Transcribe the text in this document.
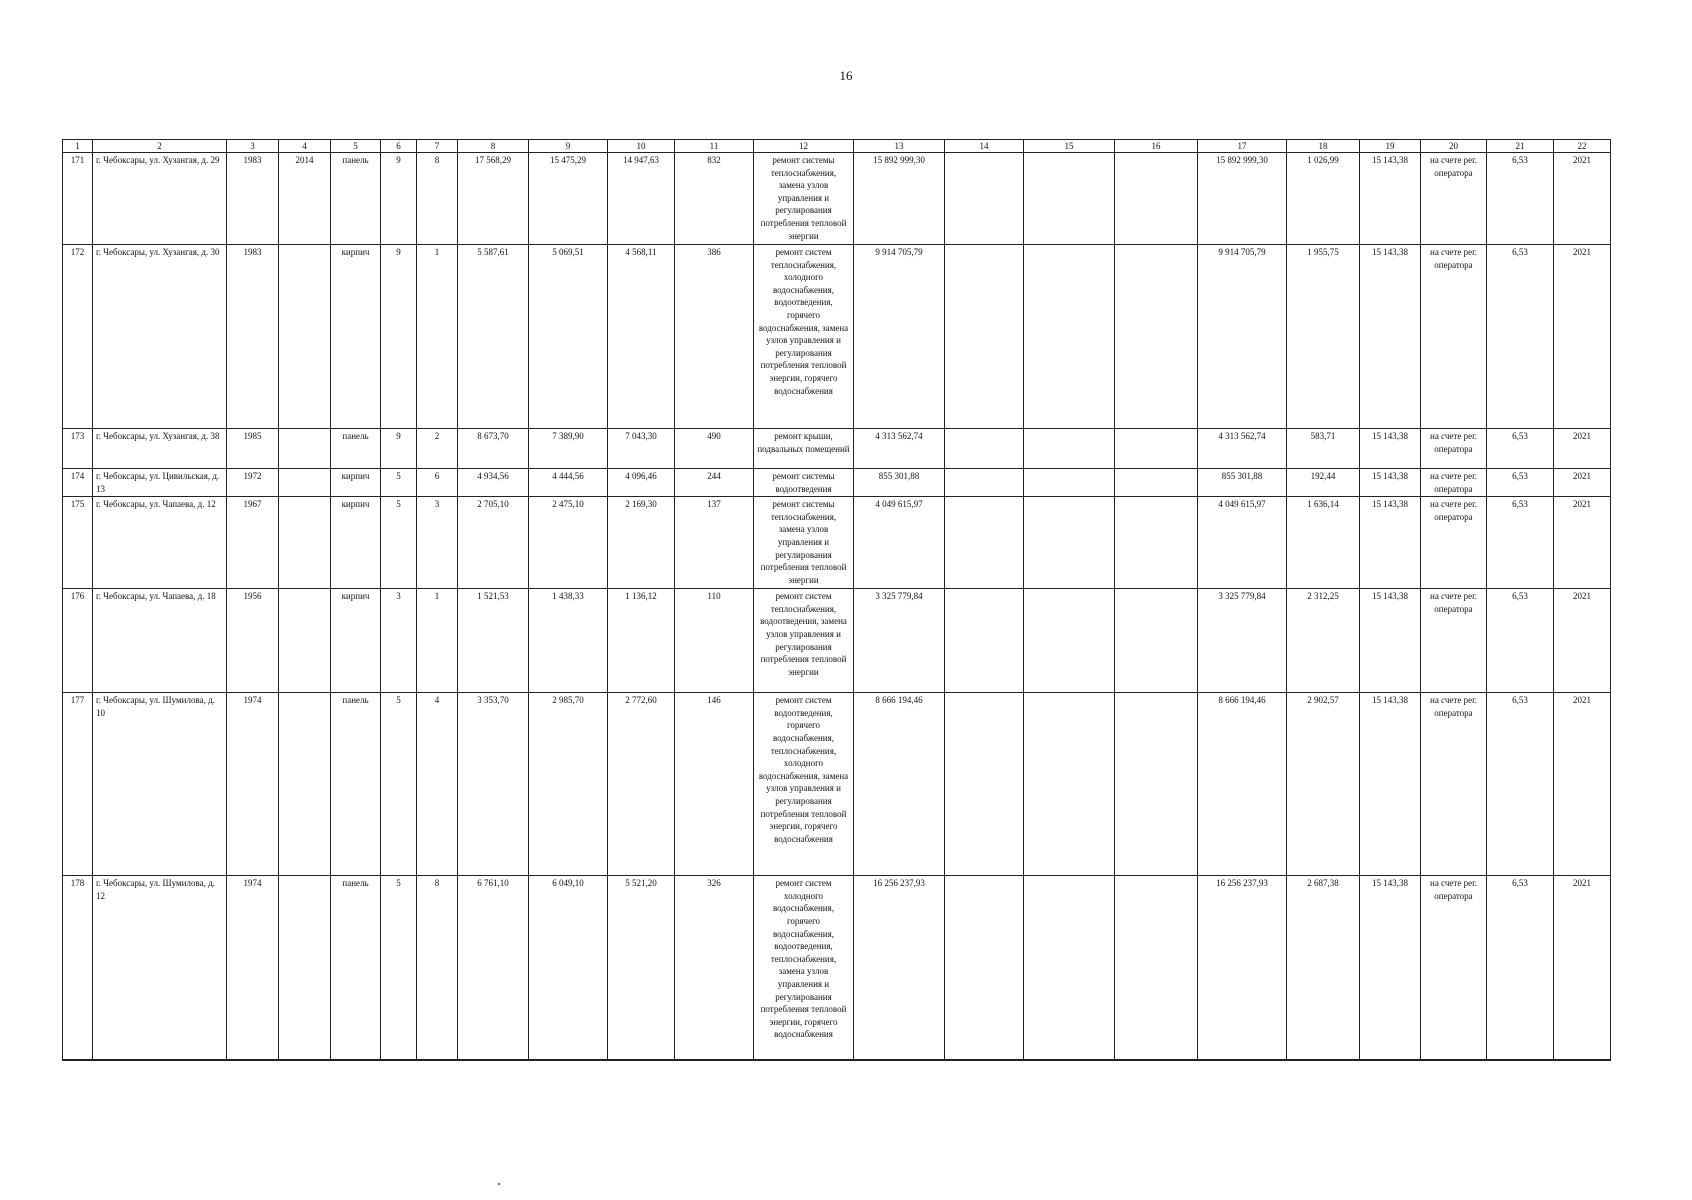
16
1	2	3	4	5	6	7	8	9	10	11	12	13	14	15	16	17	18	19	20	21	22
171	г. Чебоксары, ул. Хузангая, д. 29	1983	2014	панель	9	8	17 568,29	15 475,29	14 947,63	832	ремонт системы теплоснабжения, замена узлов управления и регулирования потребления тепловой энергии	15 892 999,30				15 892 999,30	1 026,99	15 143,38	на счете рег. оператора	6,53	2021
172	г. Чебоксары, ул. Хузангая, д. 30	1983		кирпич	9	1	5 587,61	5 069,51	4 568,11	386	ремонт систем теплоснабжения, холодного водоснабжения, водоотведения, горячего водоснабжения, замена узлов управления и регулирования потребления тепловой энергии, горячего водоснабжения	9 914 705,79				9 914 705,79	1 955,75	15 143,38	на счете рег. оператора	6,53	2021
173	г. Чебоксары, ул. Хузангая, д. 38	1985		панель	9	2	8 673,70	7 389,90	7 043,30	490	ремонт крыши, подвальных помещений	4 313 562,74				4 313 562,74	583,71	15 143,38	на счете рег. оператора	6,53	2021
174	г. Чебоксары, ул. Цивильская, д. 13	1972		кирпич	5	6	4 934,56	4 444,56	4 096,46	244	ремонт системы водоотведения	855 301,88				855 301,88	192,44	15 143,38	на счете рег. оператора	6,53	2021
175	г. Чебоксары, ул. Чапаева, д. 12	1967		кирпич	5	3	2 705,10	2 475,10	2 169,30	137	ремонт системы теплоснабжения, замена узлов управления и регулирования потребления тепловой энергии	4 049 615,97				4 049 615,97	1 636,14	15 143,38	на счете рег. оператора	6,53	2021
176	г. Чебоксары, ул. Чапаева, д. 18	1956		кирпич	3	1	1 521,53	1 438,33	1 136,12	110	ремонт систем теплоснабжения, водоотведения, замена узлов управления и регулирования потребления тепловой энергии	3 325 779,84				3 325 779,84	2 312,25	15 143,38	на счете рег. оператора	6,53	2021
177	г. Чебоксары, ул. Шумилова, д. 10	1974		панель	5	4	3 353,70	2 985,70	2 772,60	146	ремонт систем водоотведения, горячего водоснабжения, теплоснабжения, холодного водоснабжения, замена узлов управления и регулирования потребления тепловой энергии, горячего водоснабжения	8 666 194,46				8 666 194,46	2 902,57	15 143,38	на счете рег. оператора	6,53	2021
178	г. Чебоксары, ул. Шумилова, д. 12	1974		панель	5	8	6 761,10	6 049,10	5 521,20	326	ремонт систем холодного водоснабжения, горячего водоснабжения, водоотведения, теплоснабжения, замена узлов управления и регулирования потребления тепловой энергии, горячего водоснабжения	16 256 237,93				16 256 237,93	2 687,38	15 143,38	на счете рег. оператора	6,53	2021
